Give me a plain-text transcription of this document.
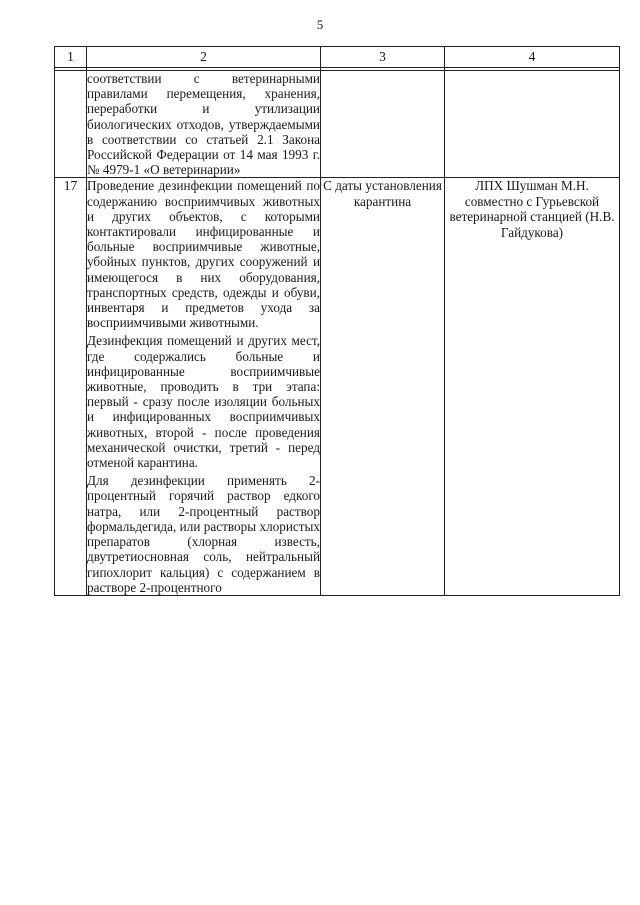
5
1	2	3	4

	соответствии с ветеринарными правилами перемещения, хранения, переработки и утилизации биологических отходов, утверждаемыми в соответствии со статьей 2.1 Закона Российской Федерации от 14 мая 1993 г. № 4979-1 «О ветеринарии»		

17	Проведение дезинфекции помещений по содержанию восприимчивых животных и других объектов, с которыми контактировали инфицированные и больные восприимчивые животные, убойных пунктов, других сооружений и имеющегося в них оборудования, транспортных средств, одежды и обуви, инвентаря и предметов ухода за восприимчивыми животными.

Дезинфекция помещений и других мест, где содержались больные и инфицированные восприимчивые животные, проводить в три этапа: первый - сразу после изоляции больных и инфицированных восприимчивых животных, второй - после проведения механической очистки, третий - перед отменой карантина.

Для дезинфекции применять 2-процентный горячий раствор едкого натра, или 2-процентный раствор формальдегида, или растворы хлористых препаратов (хлорная известь, двутретиосновная соль, нейтральный гипохлорит кальция) с содержанием в растворе 2-процентного	С даты установления карантина	ЛПХ Шушман М.Н. совместно с Гурьевской ветеринарной станцией (Н.В. Гайдукова)
